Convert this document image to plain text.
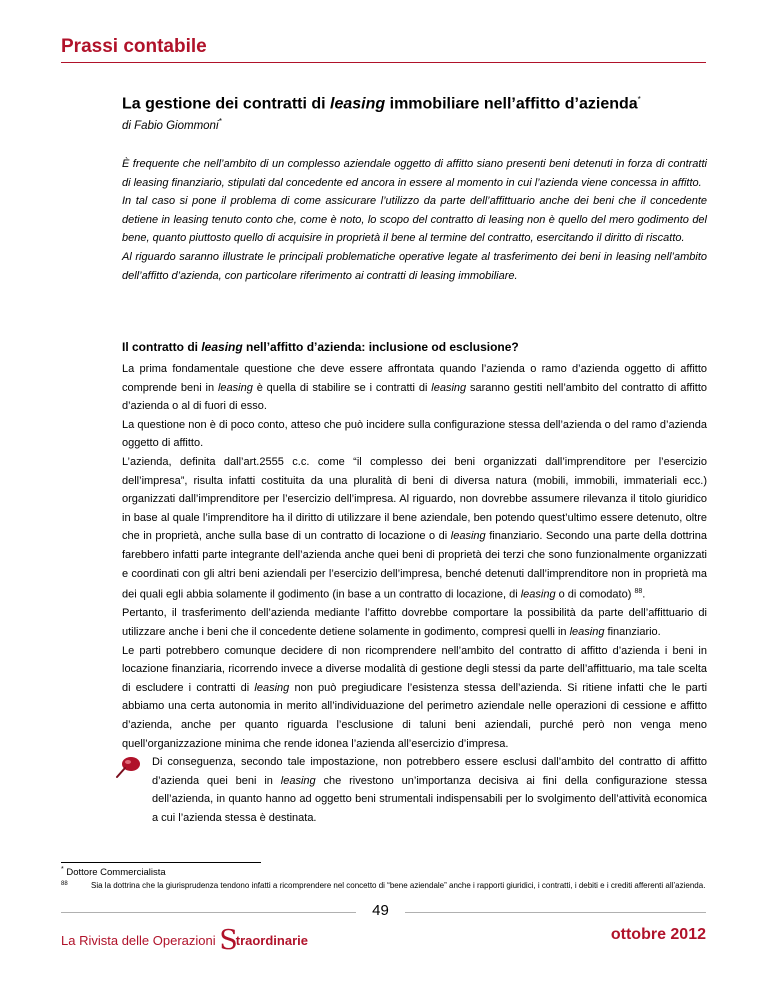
Prassi contabile
La gestione dei contratti di leasing immobiliare nell’affitto d’azienda*
di Fabio Giommoni*

È frequente che nell’ambito di un complesso aziendale oggetto di affitto siano presenti beni detenuti in forza di contratti di leasing finanziario, stipulati dal concedente ed ancora in essere al momento in cui l’azienda viene concessa in affitto.

In tal caso si pone il problema di come assicurare l’utilizzo da parte dell’affittuario anche dei beni che il concedente detiene in leasing tenuto conto che, come è noto, lo scopo del contratto di leasing non è quello del mero godimento del bene, quanto piuttosto quello di acquisire in proprietà il bene al termine del contratto, esercitando il diritto di riscatto.

Al riguardo saranno illustrate le principali problematiche operative legate al trasferimento dei beni in leasing nell’ambito dell’affitto d’azienda, con particolare riferimento ai contratti di leasing immobiliare.

Il contratto di leasing nell’affitto d’azienda: inclusione od esclusione?

La prima fondamentale questione che deve essere affrontata quando l’azienda o ramo d’azienda oggetto di affitto comprende beni in leasing è quella di stabilire se i contratti di leasing saranno gestiti nell’ambito del contratto di affitto d’azienda o al di fuori di esso.

La questione non è di poco conto, atteso che può incidere sulla configurazione stessa dell’azienda o del ramo d’azienda oggetto di affitto.

L’azienda, definita dall’art.2555 c.c. come “il complesso dei beni organizzati dall’imprenditore per l’esercizio dell’impresa”, risulta infatti costituita da una pluralità di beni di diversa natura (mobili, immobili, immateriali ecc.) organizzati dall’imprenditore per l’esercizio dell’impresa. Al riguardo, non dovrebbe assumere rilevanza il titolo giuridico in base al quale l’imprenditore ha il diritto di utilizzare il bene aziendale, ben potendo quest’ultimo essere detenuto, oltre che in proprietà, anche sulla base di un contratto di locazione o di leasing finanziario. Secondo una parte della dottrina farebbero infatti parte integrante dell’azienda anche quei beni di proprietà dei terzi che sono funzionalmente organizzati e coordinati con gli altri beni aziendali per l’esercizio dell’impresa, benché detenuti dall’imprenditore non in proprietà ma dei quali egli abbia solamente il godimento (in base a un contratto di locazione, di leasing o di comodato) $^{88}$.

Pertanto, il trasferimento dell’azienda mediante l’affitto dovrebbe comportare la possibilità da parte dell’affittuario di utilizzare anche i beni che il concedente detiene solamente in godimento, compresi quelli in leasing finanziario.

Le parti potrebbero comunque decidere di non ricomprendere nell’ambito del contratto di affitto d’azienda i beni in locazione finanziaria, ricorrendo invece a diverse modalità di gestione degli stessi da parte dell’affittuario, ma tale scelta di escludere i contratti di leasing non può pregiudicare l’esistenza stessa dell’azienda. Si ritiene infatti che le parti abbiamo una certa autonomia in merito all’individuazione del perimetro aziendale nelle operazioni di cessione e affitto d’azienda, anche per quanto riguarda l’esclusione di taluni beni aziendali, purché però non venga meno quell’organizzazione minima che rende idonea l’azienda all’esercizio d’impresa.

Di conseguenza, secondo tale impostazione, non potrebbero essere esclusi dall’ambito del contratto di affitto d’azienda quei beni in leasing che rivestono un’importanza decisiva ai fini della configurazione stessa dell’azienda, in quanto hanno ad oggetto beni strumentali indispensabili per lo svolgimento dell’attività economica a cui l’azienda stessa è destinata.

* Dottore Commercialista
88	Sia la dottrina che la giurisprudenza tendono infatti a ricomprendere nel concetto di “bene aziendale” anche i rapporti giuridici, i contratti, i debiti e i crediti afferenti all’azienda.
49
La Rivista delle Operazioni Straordinarie	ottobre 2012
